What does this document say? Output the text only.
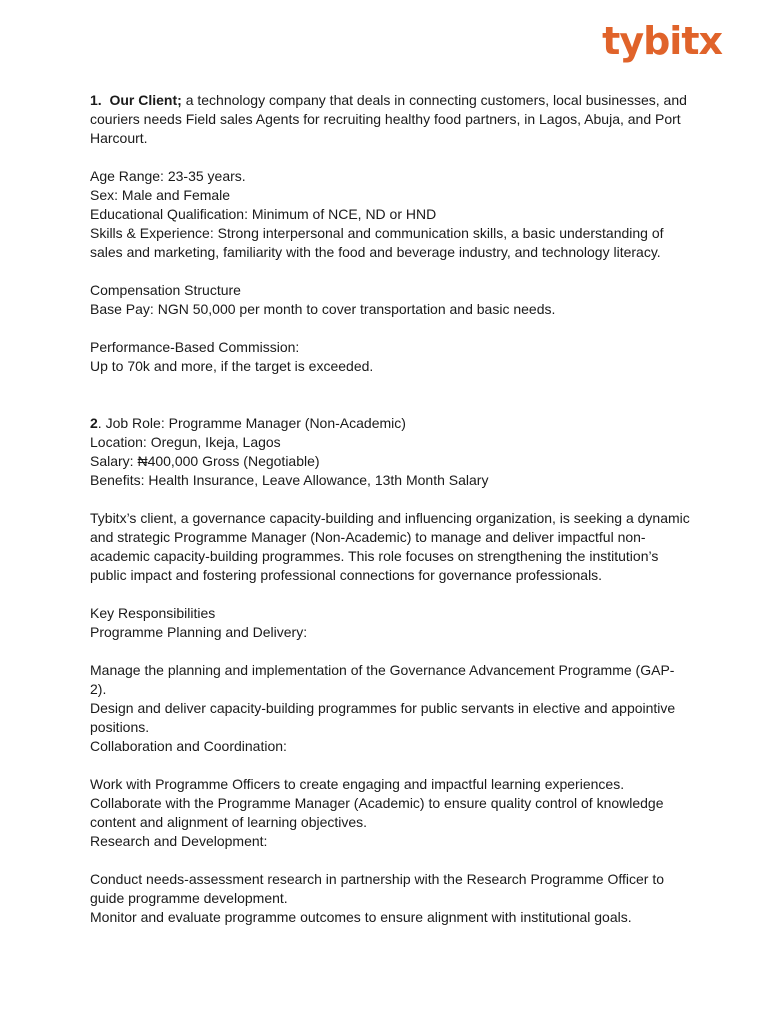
tybitx

1. Our Client; a technology company that deals in connecting customers, local businesses, and couriers needs Field sales Agents for recruiting healthy food partners, in Lagos, Abuja, and Port Harcourt.

Age Range: 23-35 years.

Sex: Male and Female

Educational Qualification: Minimum of NCE, ND or HND

Skills & Experience: Strong interpersonal and communication skills, a basic understanding of sales and marketing, familiarity with the food and beverage industry, and technology literacy.

Compensation Structure

Base Pay: NGN 50,000 per month to cover transportation and basic needs.

Performance-Based Commission:

Up to 70k and more, if the target is exceeded.

2. Job Role: Programme Manager (Non-Academic)

Location: Oregun, Ikeja, Lagos

Salary: ₦400,000 Gross (Negotiable)

Benefits: Health Insurance, Leave Allowance, 13th Month Salary

Tybitx’s client, a governance capacity-building and influencing organization, is seeking a dynamic and strategic Programme Manager (Non-Academic) to manage and deliver impactful non-academic capacity-building programmes. This role focuses on strengthening the institution’s public impact and fostering professional connections for governance professionals.

Key Responsibilities

Programme Planning and Delivery:

Manage the planning and implementation of the Governance Advancement Programme (GAP-2).

Design and deliver capacity-building programmes for public servants in elective and appointive positions.

Collaboration and Coordination:

Work with Programme Officers to create engaging and impactful learning experiences.

Collaborate with the Programme Manager (Academic) to ensure quality control of knowledge content and alignment of learning objectives.

Research and Development:

Conduct needs-assessment research in partnership with the Research Programme Officer to guide programme development.

Monitor and evaluate programme outcomes to ensure alignment with institutional goals.
